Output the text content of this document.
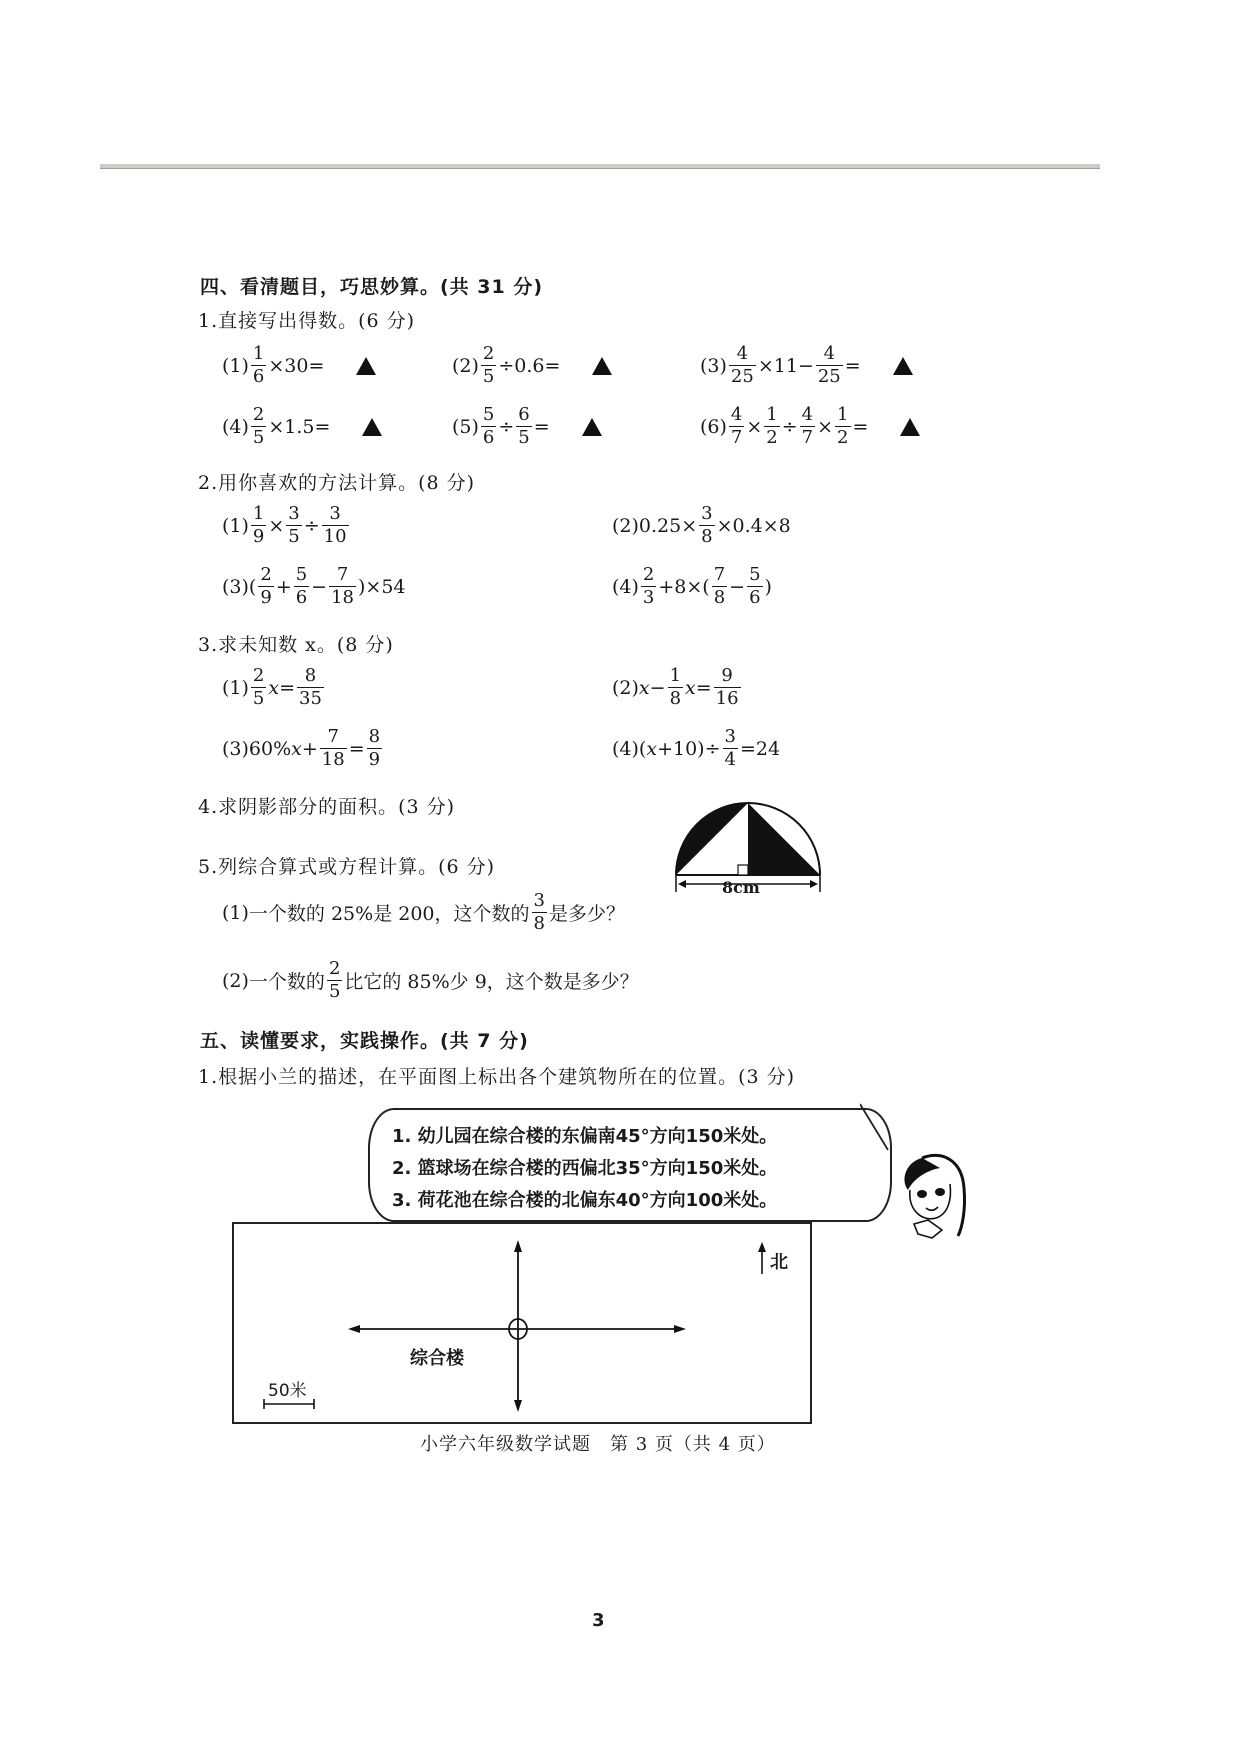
四、看清题目，巧思妙算。(共 31 分)
1.直接写出得数。(6 分)
$(1) \frac{1}{6} \times 30=$	$(2) \frac{2}{5} \div 0.6=$	$(3) \frac{4}{25} \times 11- \frac{4}{25}$ =
$(4) \frac{2}{5} \times 1.5=$	$(5) \frac{5}{6} \div \frac{6}{5}$ =	$(6) \frac{4}{7} \times \frac{1}{2} \div \frac{4}{7} \times \frac{1}{2}$ =
2.用你喜欢的方法计算。(8 分)
$(1) \frac{1}{9} \times \frac{3}{5} \div \frac{3}{10}$	(2) $0.25\times \frac{3}{8} \times 0.4\times 8$
(3) ( $\frac{2}{9} + \frac{5}{6} - \frac{7}{18} )\times 54$	$(4) \frac{2}{3} +8\times( \frac{7}{8} - \frac{5}{6}$ )
3.求未知数 x。(8 分)
$(1) \frac{2}{5}$ $x = \frac{8}{35}$	(2) $x - \frac{1}{8}$ $x = \frac{9}{16}$
(3) 60% $x + \frac{7}{18} = \frac{8}{9}$	(4) ( $x +10)\div \frac{3}{4} =24$
4.求阴影部分的面积。(3 分)
8cm
5.列综合算式或方程计算。(6 分)
(1) 一个数的 25%是 200，这个数的 $\frac{3}{8}$ 是多少？
(2) 一个数的 $\frac{2}{5}$ 比它的 85%少 9，这个数是多少？
五、读懂要求，实践操作。(共 7 分)
1.根据小兰的描述，在平面图上标出各个建筑物所在的位置。(3 分)
1. 幼儿园在综合楼的东偏南45°方向150米处。
2. 篮球场在综合楼的西偏北35°方向150米处。
3. 荷花池在综合楼的北偏东40°方向100米处。
北
综合楼
50米
小学六年级数学试题　第 3 页（共 4 页）
3
